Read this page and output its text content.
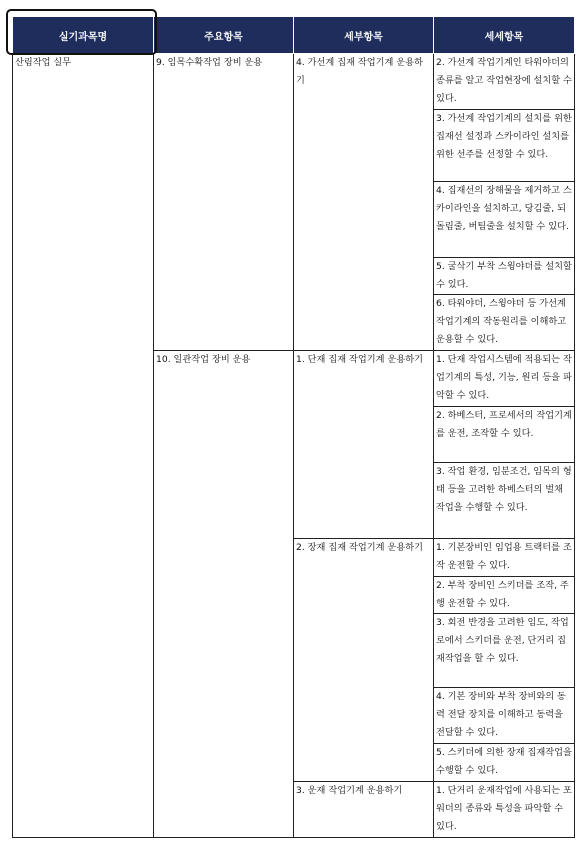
실기과목명	주요항목	세부항목	세세항목
산림작업 실무	9. 임목수확작업 장비 운용	4. 가선계 집재 작업기계 운용하기	2. 가선계 작업기계인 타워야더의 종류를 알고 작업현장에 설치할 수 있다.
			3. 가선계 작업기계의 설치를 위한 집재선 설정과 스카이라인 설치를 위한 선주를 선정할 수 있다.
			4. 집재선의 장해물을 제거하고 스카이라인을 설치하고, 당김줄, 되돌림줄, 버팀줄을 설치할 수 있다.
			5. 굴삭기 부착 스윙야더를 설치할 수 있다.
			6. 타워야더, 스윙야더 등 가선계 작업기계의 작동원리를 이해하고 운용할 수 있다.
	10. 일관작업 장비 운용	1. 단재 집재 작업기계 운용하기	1. 단재 작업시스템에 적용되는 작업기계의 특성, 기능, 원리 등을 파악할 수 있다.
			2. 하베스터, 프로세서의 작업기계를 운전, 조작할 수 있다.
			3. 작업 환경, 임분조건, 임목의 형태 등을 고려한 하베스터의 벌채 작업을 수행할 수 있다.
		2. 장재 집재 작업기계 운용하기	1. 기본장비인 임업용 트랙터를 조작 운전할 수 있다.
			2. 부착 장비인 스키더를 조작, 주행 운전할 수 있다.
			3. 회전 반경을 고려한 임도, 작업로에서 스키더를 운전, 단거리 집재작업을 할 수 있다.
			4. 기본 장비와 부착 장비와의 동력 전달 장치를 이해하고 동력을 전달할 수 있다.
			5. 스키더에 의한 장재 집재작업을 수행할 수 있다.
		3. 운재 작업기계 운용하기	1. 단거리 운재작업에 사용되는 포워더의 종류와 특성을 파악할 수 있다.
